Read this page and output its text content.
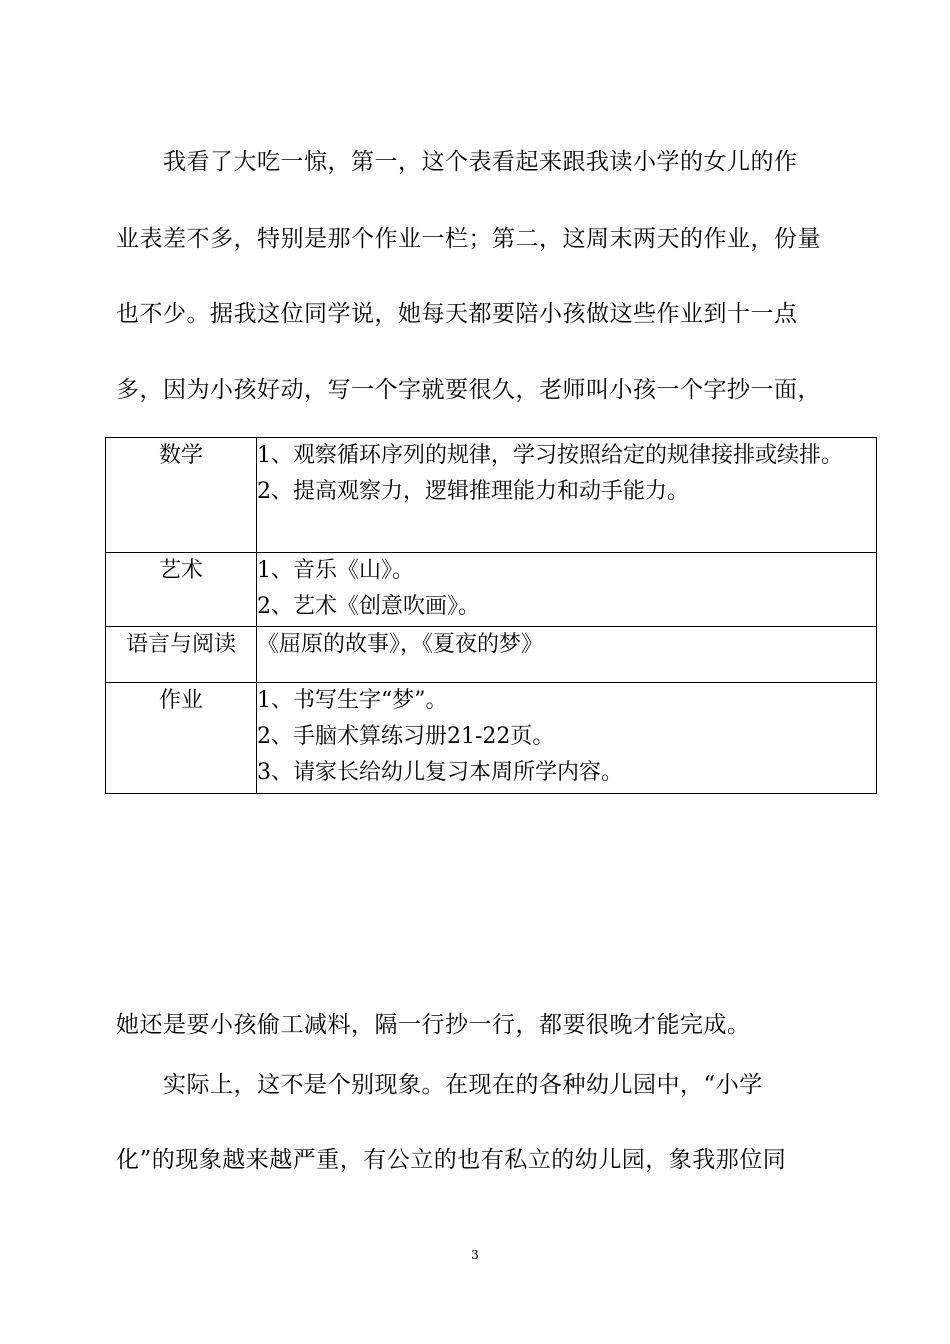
　　我看了大吃一惊，第一，这个表看起来跟我读小学的女儿的作
业表差不多，特别是那个作业一栏；第二，这周末两天的作业，份量
也不少。据我这位同学说，她每天都要陪小孩做这些作业到十一点
多，因为小孩好动，写一个字就要很久，老师叫小孩一个字抄一面，
数学	1、观察循环序列的规律，学习按照给定的规律接排或续排。
2、提高观察力，逻辑推理能力和动手能力。

艺术	1、音乐《山》。
2、艺术《创意吹画》。

语言与阅读	《屈原的故事》，《夏夜的梦》

作业	1、书写生字“梦”。
2、手脑术算练习册21-22页。
3、请家长给幼儿复习本周所学内容。
她还是要小孩偷工减料，隔一行抄一行，都要很晚才能完成。
　　实际上，这不是个别现象。在现在的各种幼儿园中，“小学
化”的现象越来越严重，有公立的也有私立的幼儿园，象我那位同
3
